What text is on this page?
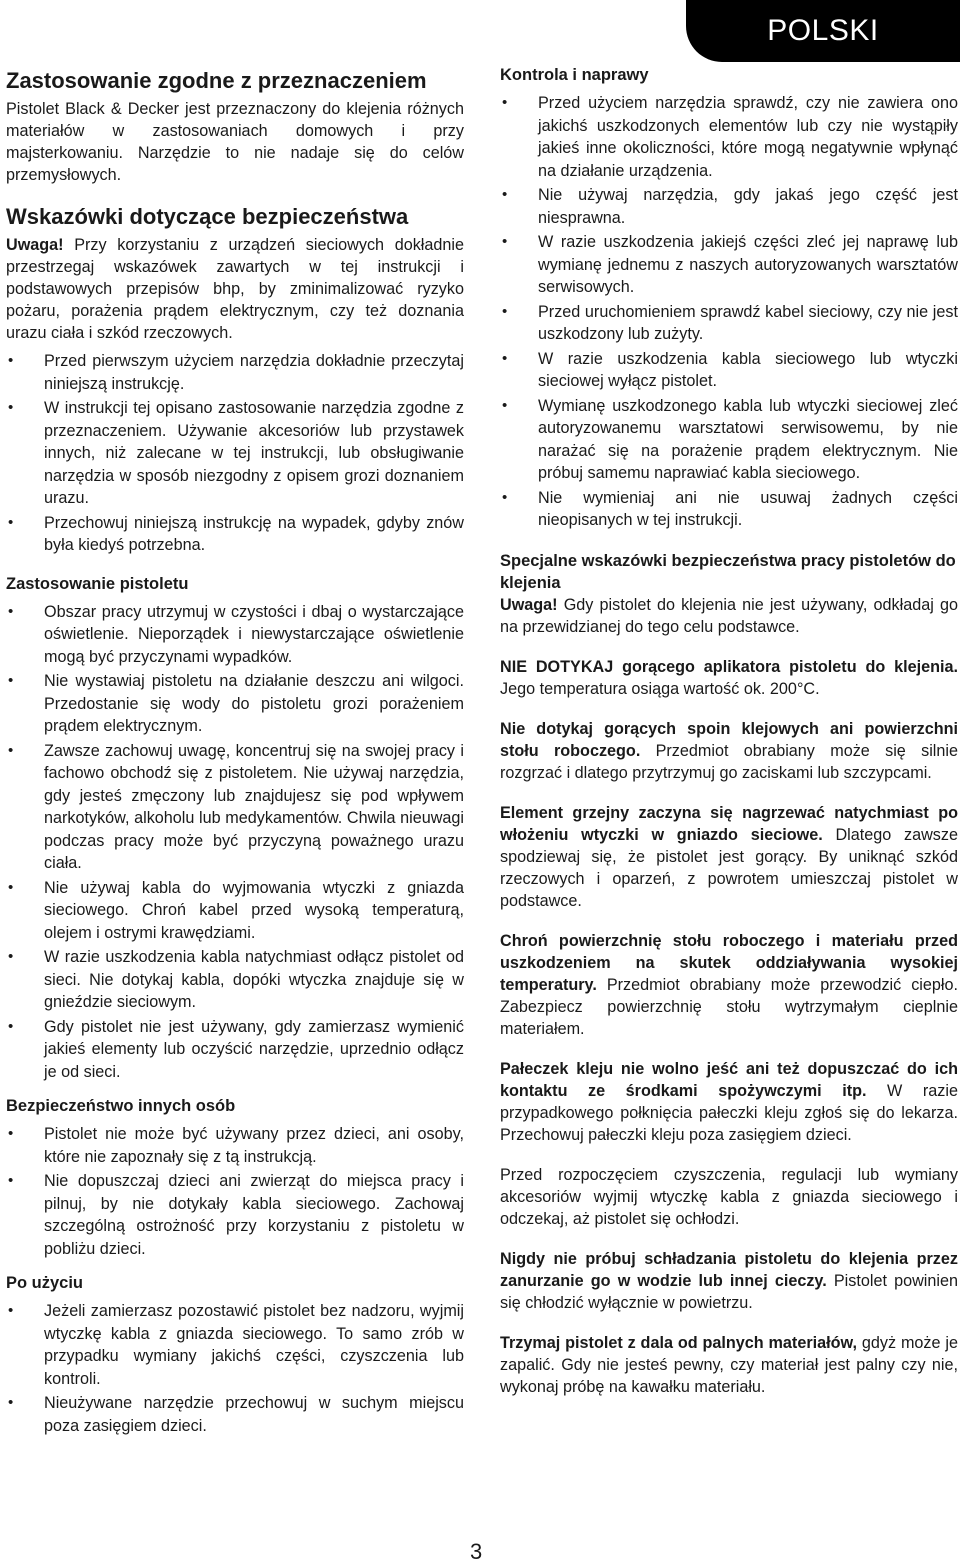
POLSKI
Zastosowanie zgodne z przeznaczeniem

Pistolet Black & Decker jest przeznaczony do klejenia różnych materiałów w zastosowaniach domowych i przy majsterkowaniu. Narzędzie to nie nadaje się do celów przemysłowych.

Wskazówki dotyczące bezpieczeństwa

Uwaga! Przy korzystaniu z urządzeń sieciowych dokładnie przestrzegaj wskazówek zawartych w tej instrukcji i podstawowych przepisów bhp, by zminimalizować ryzyko pożaru, porażenia prądem elektrycznym, czy też doznania urazu ciała i szkód rzeczowych.

• Przed pierwszym użyciem narzędzia dokładnie przeczytaj niniejszą instrukcję.
• W instrukcji tej opisano zastosowanie narzędzia zgodne z przeznaczeniem. Używanie akcesoriów lub przystawek innych, niż zalecane w tej instrukcji, lub obsługiwanie narzędzia w sposób niezgodny z opisem grozi doznaniem urazu.
• Przechowuj niniejszą instrukcję na wypadek, gdyby znów była kiedyś potrzebna.
Zastosowanie pistoletu
• Obszar pracy utrzymuj w czystości i dbaj o wystarczające oświetlenie. Nieporządek i niewystarczające oświetlenie mogą być przyczynami wypadków.
• Nie wystawiaj pistoletu na działanie deszczu ani wilgoci. Przedostanie się wody do pistoletu grozi porażeniem prądem elektrycznym.
• Zawsze zachowuj uwagę, koncentruj się na swojej pracy i fachowo obchodź się z pistoletem. Nie używaj narzędzia, gdy jesteś zmęczony lub znajdujesz się pod wpływem narkotyków, alkoholu lub medykamentów. Chwila nieuwagi podczas pracy może być przyczyną poważnego urazu ciała.
• Nie używaj kabla do wyjmowania wtyczki z gniazda sieciowego. Chroń kabel przed wysoką temperaturą, olejem i ostrymi krawędziami.
• W razie uszkodzenia kabla natychmiast odłącz pistolet od sieci. Nie dotykaj kabla, dopóki wtyczka znajduje się w gnieździe sieciowym.
• Gdy pistolet nie jest używany, gdy zamierzasz wymienić jakieś elementy lub oczyścić narzędzie, uprzednio odłącz je od sieci.
Bezpieczeństwo innych osób
• Pistolet nie może być używany przez dzieci, ani osoby, które nie zapoznały się z tą instrukcją.
• Nie dopuszczaj dzieci ani zwierząt do miejsca pracy i pilnuj, by nie dotykały kabla sieciowego. Zachowaj szczególną ostrożność przy korzystaniu z pistoletu w pobliżu dzieci.
Po użyciu
• Jeżeli zamierzasz pozostawić pistolet bez nadzoru, wyjmij wtyczkę kabla z gniazda sieciowego. To samo zrób w przypadku wymiany jakichś części, czyszczenia lub kontroli.
• Nieużywane narzędzie przechowuj w suchym miejscu poza zasięgiem dzieci.
Kontrola i naprawy
• Przed użyciem narzędzia sprawdź, czy nie zawiera ono jakichś uszkodzonych elementów lub czy nie wystąpiły jakieś inne okoliczności, które mogą negatywnie wpłynąć na działanie urządzenia.
• Nie używaj narzędzia, gdy jakaś jego część jest niesprawna.
• W razie uszkodzenia jakiejś części zleć jej naprawę lub wymianę jednemu z naszych autoryzowanych warsztatów serwisowych.
• Przed uruchomieniem sprawdź kabel sieciowy, czy nie jest uszkodzony lub zużyty.
• W razie uszkodzenia kabla sieciowego lub wtyczki sieciowej wyłącz pistolet.
• Wymianę uszkodzonego kabla lub wtyczki sieciowej zleć autoryzowanemu warsztatowi serwisowemu, by nie narażać się na porażenie prądem elektrycznym. Nie próbuj samemu naprawiać kabla sieciowego.
• Nie wymieniaj ani nie usuwaj żadnych części nieopisanych w tej instrukcji.
Specjalne wskazówki bezpieczeństwa pracy pistoletów do klejenia

Uwaga! Gdy pistolet do klejenia nie jest używany, odkładaj go na przewidzianej do tego celu podstawce.

NIE DOTYKAJ gorącego aplikatora pistoletu do klejenia. Jego temperatura osiąga wartość ok. 200°C.

Nie dotykaj gorących spoin klejowych ani powierzchni stołu roboczego. Przedmiot obrabiany może się silnie rozgrzać i dlatego przytrzymuj go zaciskami lub szczypcami.

Element grzejny zaczyna się nagrzewać natychmiast po włożeniu wtyczki w gniazdo sieciowe. Dlatego zawsze spodziewaj się, że pistolet jest gorący. By uniknąć szkód rzeczowych i oparzeń, z powrotem umieszczaj pistolet w podstawce.

Chroń powierzchnię stołu roboczego i materiału przed uszkodzeniem na skutek oddziaływania wysokiej temperatury. Przedmiot obrabiany może przewodzić ciepło. Zabezpiecz powierzchnię stołu wytrzymałym cieplnie materiałem.

Pałeczek kleju nie wolno jeść ani też dopuszczać do ich kontaktu ze środkami spożywczymi itp. W razie przypadkowego połknięcia pałeczki kleju zgłoś się do lekarza. Przechowuj pałeczki kleju poza zasięgiem dzieci.

Przed rozpoczęciem czyszczenia, regulacji lub wymiany akcesoriów wyjmij wtyczkę kabla z gniazda sieciowego i odczekaj, aż pistolet się ochłodzi.

Nigdy nie próbuj schładzania pistoletu do klejenia przez zanurzanie go w wodzie lub innej cieczy. Pistolet powinien się chłodzić wyłącznie w powietrzu.

Trzymaj pistolet z dala od palnych materiałów, gdyż może je zapalić. Gdy nie jesteś pewny, czy materiał jest palny czy nie, wykonaj próbę na kawałku materiału.

3
